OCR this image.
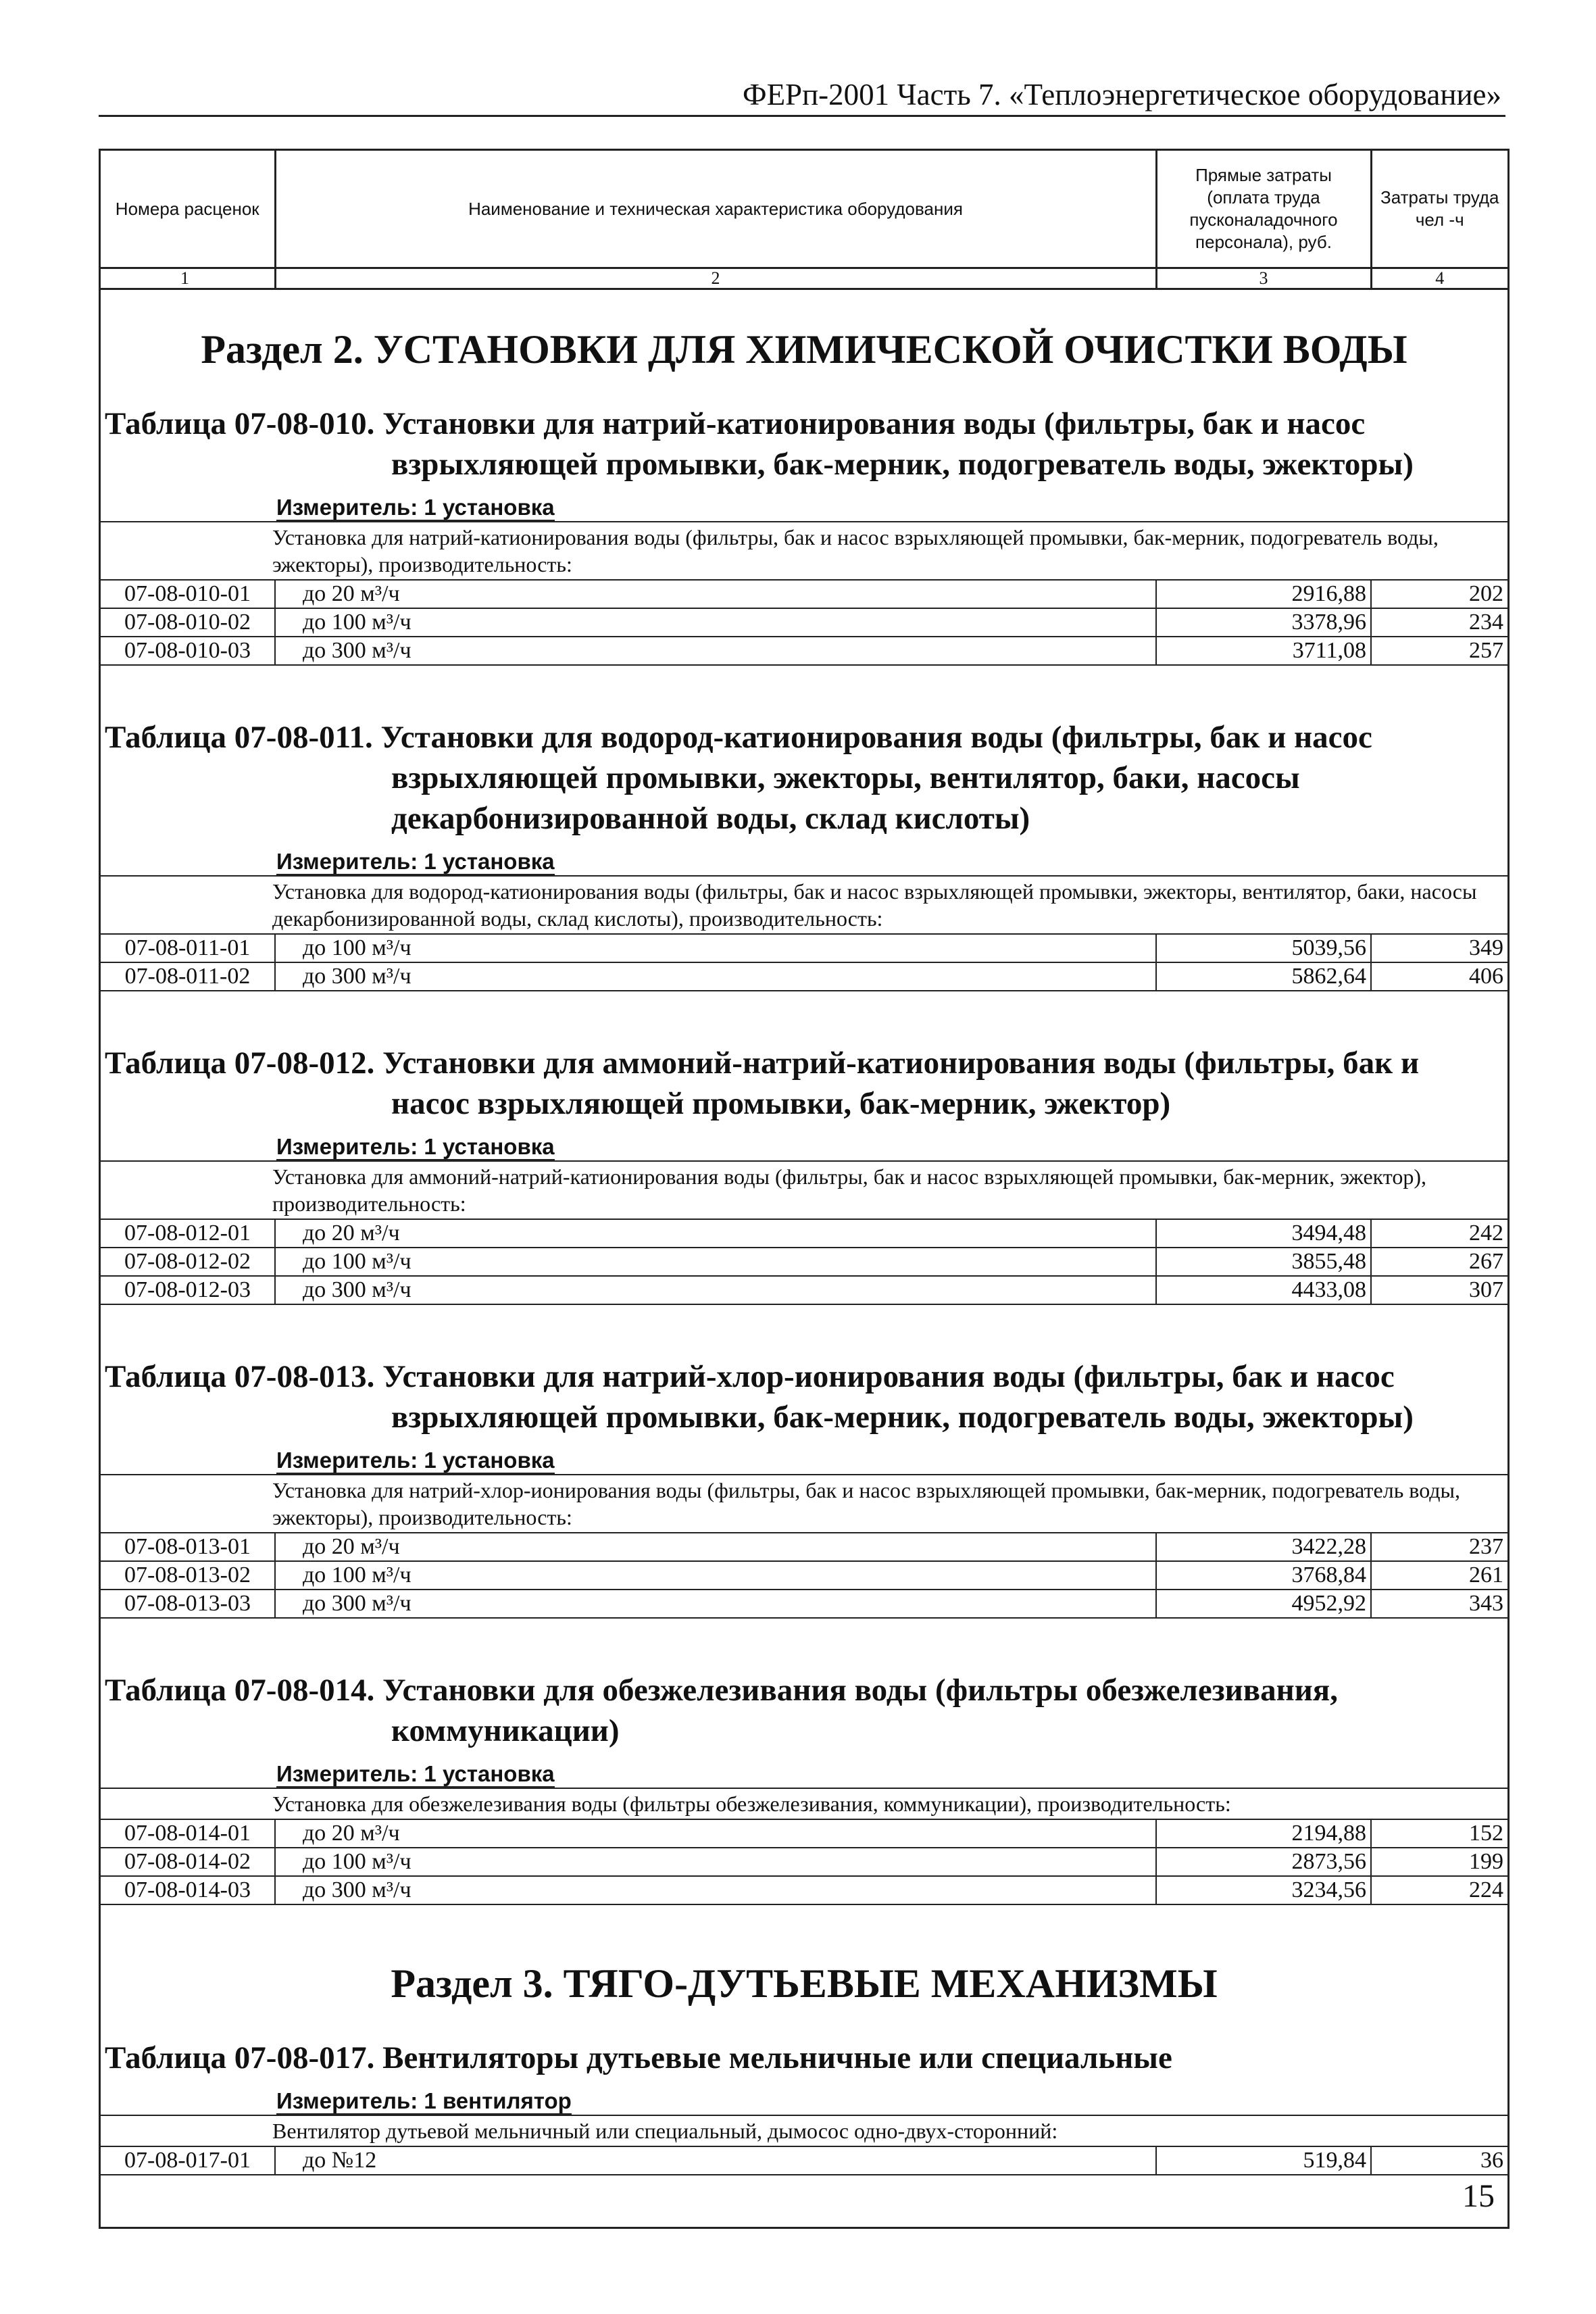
ФЕРп-2001 Часть 7. «Теплоэнергетическое оборудование»
Номера расценок	Наименование и техническая характеристика оборудования	Прямые затраты (оплата труда пусконаладочного персонала), руб.	Затраты труда чел -ч
1	2	3	4
Раздел 2. УСТАНОВКИ ДЛЯ ХИМИЧЕСКОЙ ОЧИСТКИ ВОДЫ
Таблица 07-08-010. Установки для натрий-катионирования воды (фильтры, бак и насос взрыхляющей промывки, бак-мерник, подогреватель воды, эжекторы)
Измеритель: 1 установка
Установка для натрий-катионирования воды (фильтры, бак и насос взрыхляющей промывки, бак-мерник, подогреватель воды, эжекторы), производительность:			
07-08-010-01	до 20 м³/ч	2916,88	202
07-08-010-02	до 100 м³/ч	3378,96	234
07-08-010-03	до 300 м³/ч	3711,08	257
Таблица 07-08-011. Установки для водород-катионирования воды (фильтры, бак и насос взрыхляющей промывки, эжекторы, вентилятор, баки, насосы декарбонизированной воды, склад кислоты)
Измеритель: 1 установка
Установка для водород-катионирования воды (фильтры, бак и насос взрыхляющей промывки, эжекторы, вентилятор, баки, насосы декарбонизированной воды, склад кислоты), производительность:			
07-08-011-01	до 100 м³/ч	5039,56	349
07-08-011-02	до 300 м³/ч	5862,64	406
Таблица 07-08-012. Установки для аммоний-натрий-катионирования воды (фильтры, бак и насос взрыхляющей промывки, бак-мерник, эжектор)
Измеритель: 1 установка
Установка для аммоний-натрий-катионирования воды (фильтры, бак и насос взрыхляющей промывки, бак-мерник, эжектор), производительность:			
07-08-012-01	до 20 м³/ч	3494,48	242
07-08-012-02	до 100 м³/ч	3855,48	267
07-08-012-03	до 300 м³/ч	4433,08	307
Таблица 07-08-013. Установки для натрий-хлор-ионирования воды (фильтры, бак и насос взрыхляющей промывки, бак-мерник, подогреватель воды, эжекторы)
Измеритель: 1 установка
Установка для натрий-хлор-ионирования воды (фильтры, бак и насос взрыхляющей промывки, бак-мерник, подогреватель воды, эжекторы), производительность:			
07-08-013-01	до 20 м³/ч	3422,28	237
07-08-013-02	до 100 м³/ч	3768,84	261
07-08-013-03	до 300 м³/ч	4952,92	343
Таблица 07-08-014. Установки для обезжелезивания воды (фильтры обезжелезивания, коммуникации)
Измеритель: 1 установка
Установка для обезжелезивания воды (фильтры обезжелезивания, коммуникации), производительность:			
07-08-014-01	до 20 м³/ч	2194,88	152
07-08-014-02	до 100 м³/ч	2873,56	199
07-08-014-03	до 300 м³/ч	3234,56	224
Раздел 3. ТЯГО-ДУТЬЕВЫЕ МЕХАНИЗМЫ
Таблица 07-08-017. Вентиляторы дутьевые мельничные или специальные
Измеритель: 1 вентилятор
Вентилятор дутьевой мельничный или специальный, дымосос одно-двух-сторонний:
07-08-017-01	до №12	519,84	36
15
